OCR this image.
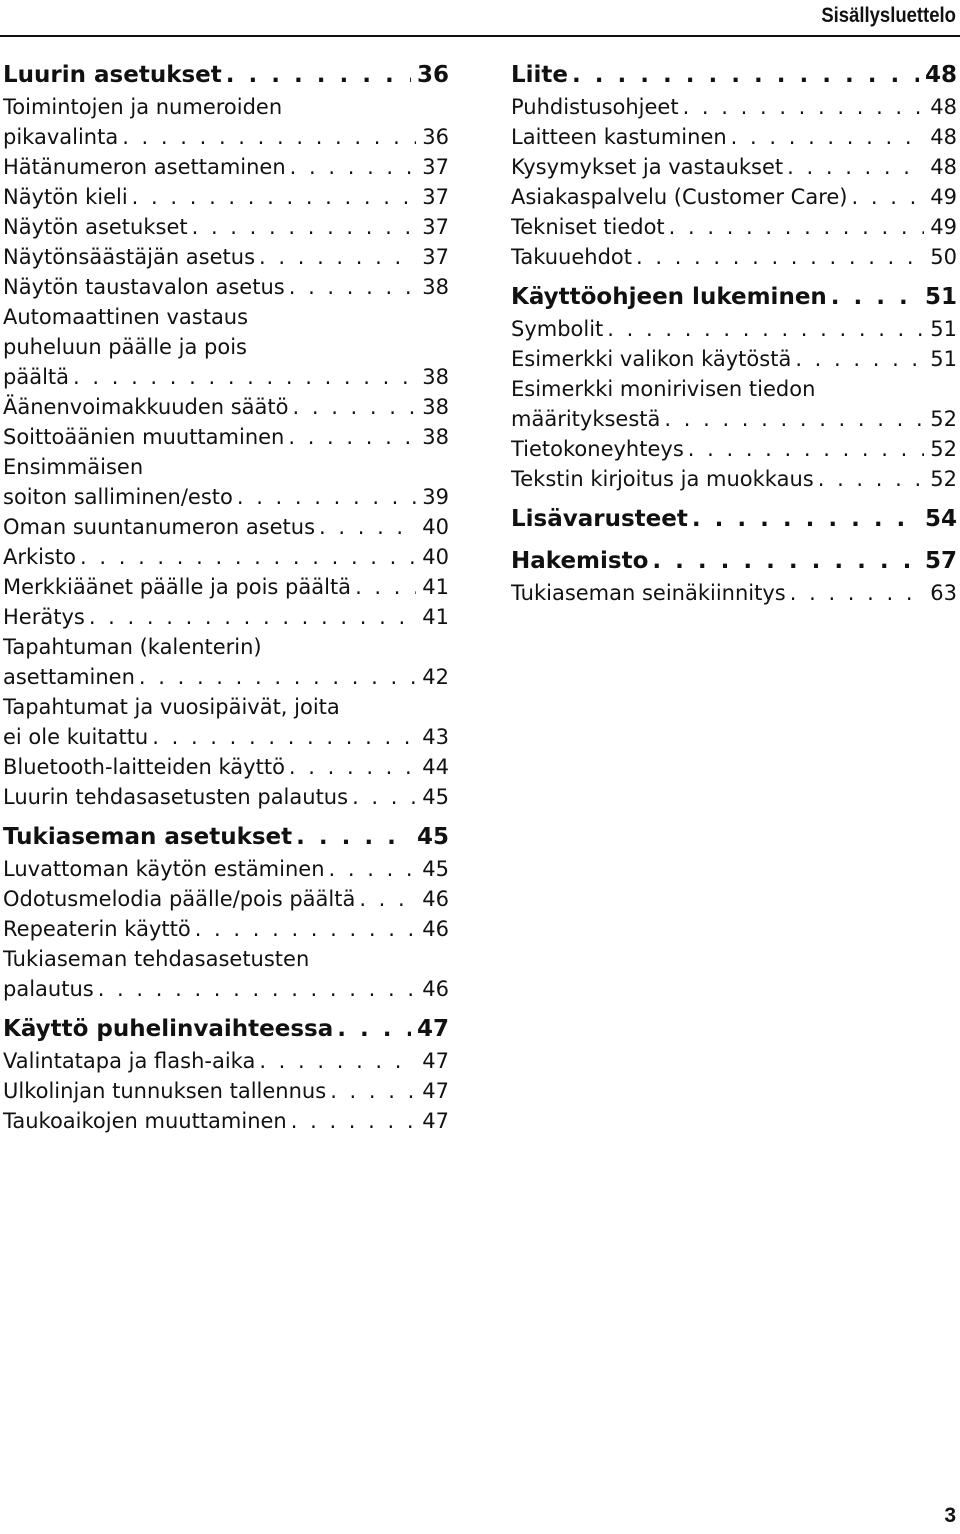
Sisällysluettelo
Luurin asetukset . . .	36
Toimintojen ja numeroiden
pikavalinta . . .	36
Hätänumeron asettaminen . . .	37
Näytön kieli . . .	37
Näytön asetukset . . .	37
Näytönsäästäjän asetus . . .	37
Näytön taustavalon asetus . . .	38
Automaattinen vastaus
puheluun päälle ja pois
päältä . . .	38
Äänenvoimakkuuden säätö . . .	38
Soittoäänien muuttaminen . . .	38
Ensimmäisen
soiton salliminen/esto . . .	39
Oman suuntanumeron asetus . . .	40
Arkisto . . .	40
Merkkiäänet päälle ja pois päältä . . .	41
Herätys . . .	41
Tapahtuman (kalenterin)
asettaminen . . .	42
Tapahtumat ja vuosipäivät, joita
ei ole kuitattu . . .	43
Bluetooth-laitteiden käyttö . . .	44
Luurin tehdasasetusten palautus . . .	45
Tukiaseman asetukset . . .	45
Luvattoman käytön estäminen . . .	45
Odotusmelodia päälle/pois päältä . . .	46
Repeaterin käyttö . . .	46
Tukiaseman tehdasasetusten
palautus . . .	46
Käyttö puhelinvaihteessa . . .	47
Valintatapa ja flash-aika . . .	47
Ulkolinjan tunnuksen tallennus . . .	47
Taukoaikojen muuttaminen . . .	47
Liite . . .	48
Puhdistusohjeet . . .	48
Laitteen kastuminen . . .	48
Kysymykset ja vastaukset . . .	48
Asiakaspalvelu (Customer Care) . . .	49
Tekniset tiedot . . .	49
Takuuehdot . . .	50
Käyttöohjeen lukeminen . . .	51
Symbolit . . .	51
Esimerkki valikon käytöstä . . .	51
Esimerkki monirivisen tiedon
määrityksestä . . .	52
Tietokoneyhteys . . .	52
Tekstin kirjoitus ja muokkaus . . .	52
Lisävarusteet . . .	54
Hakemisto . . .	57
Tukiaseman seinäkiinnitys . . .	63
3
